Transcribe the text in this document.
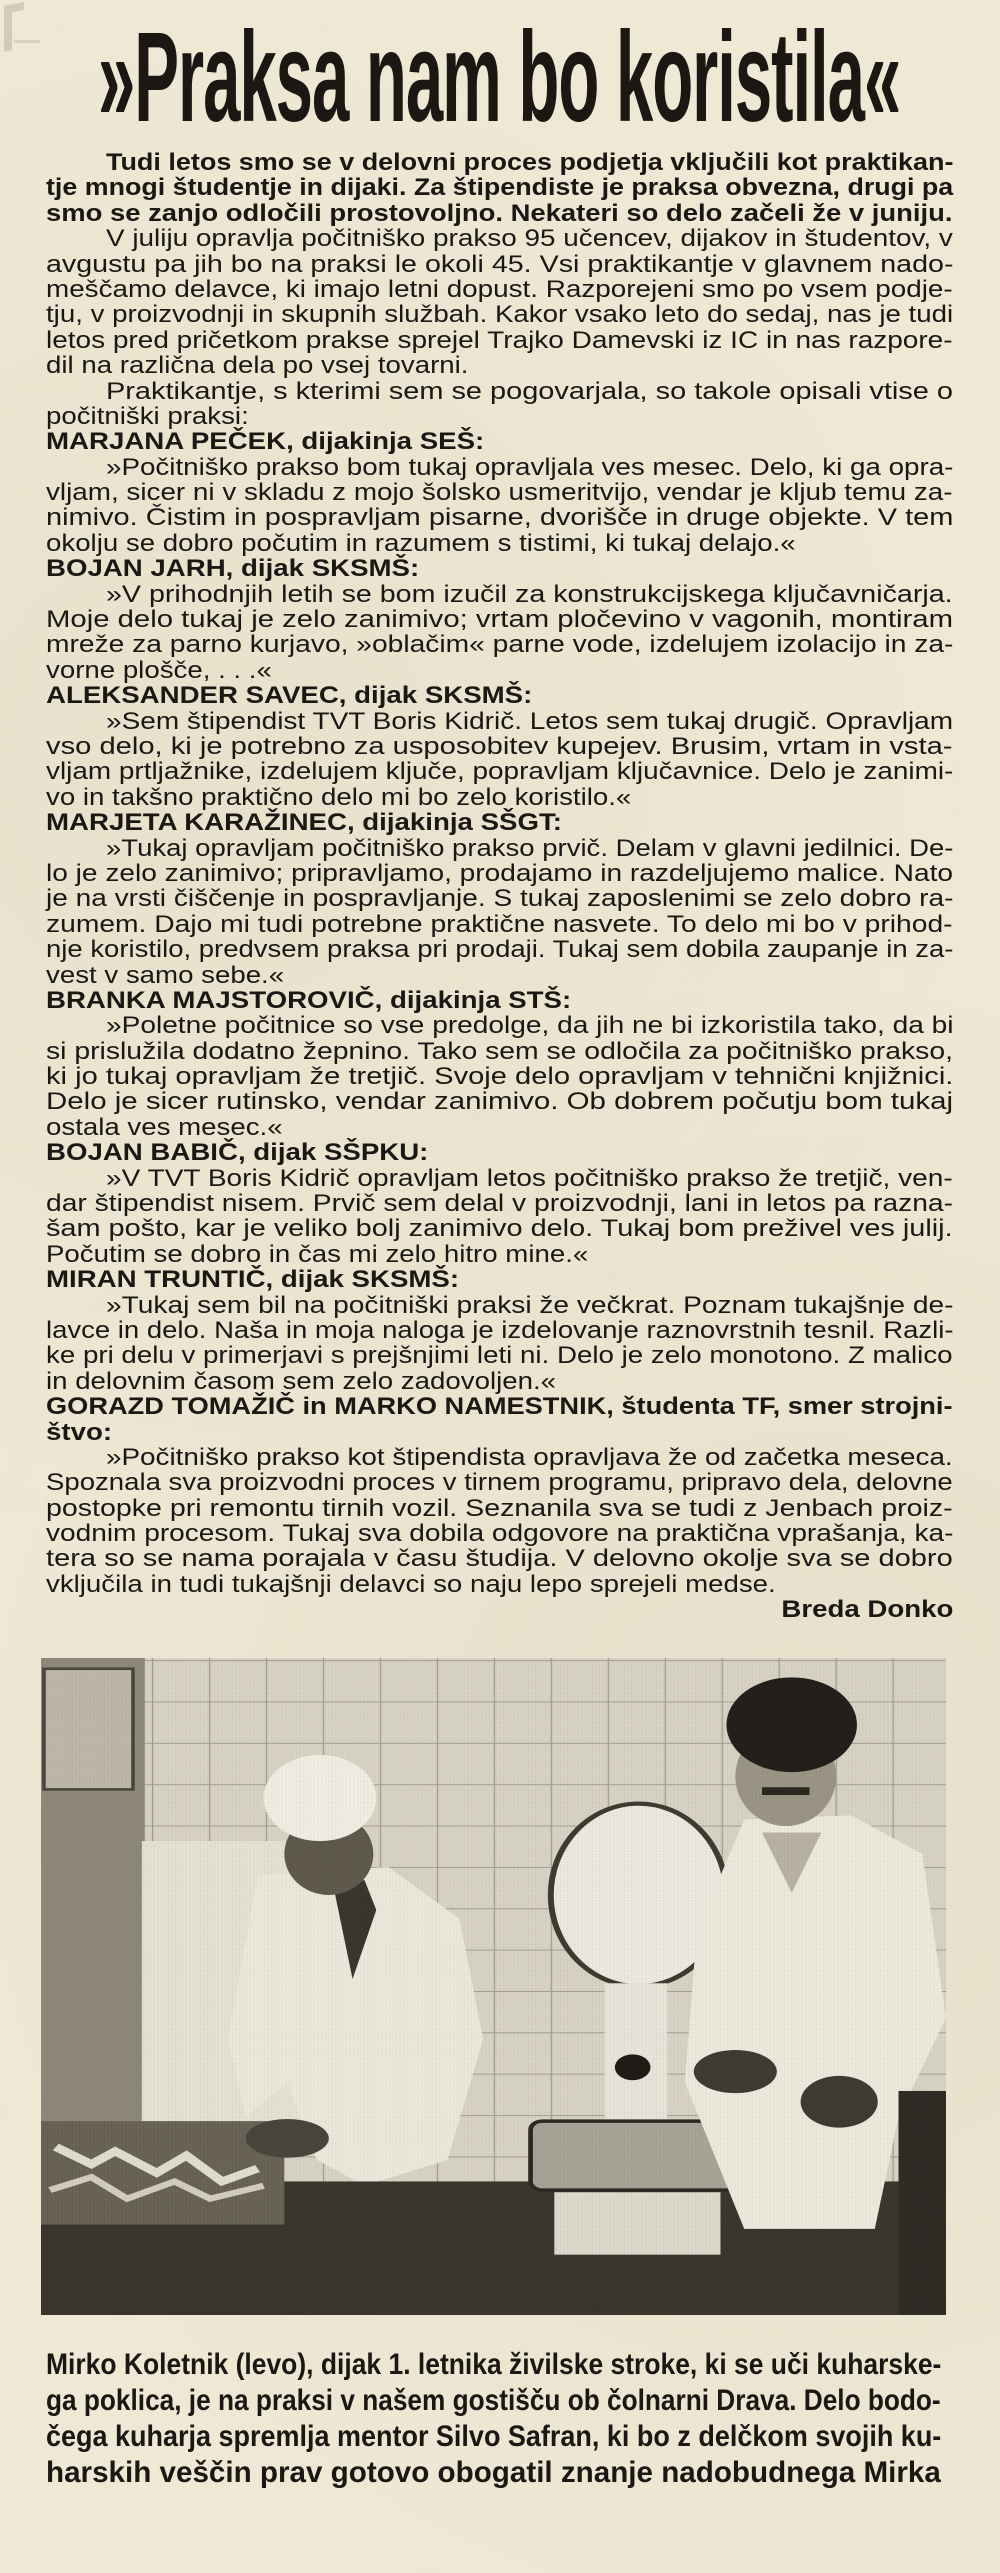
»Praksa nam bo koristila«
Tudi letos smo se v delovni proces podjetja vključili kot praktikan-
tje mnogi študentje in dijaki. Za štipendiste je praksa obvezna, drugi pa
smo se zanjo odločili prostovoljno. Nekateri so delo začeli že v juniju.
V juliju opravlja počitniško prakso 95 učencev, dijakov in študentov, v
avgustu pa jih bo na praksi le okoli 45. Vsi praktikantje v glavnem nado-
meščamo delavce, ki imajo letni dopust. Razporejeni smo po vsem podje-
tju, v proizvodnji in skupnih službah. Kakor vsako leto do sedaj, nas je tudi
letos pred pričetkom prakse sprejel Trajko Damevski iz IC in nas razpore-
dil na različna dela po vsej tovarni.
Praktikantje, s kterimi sem se pogovarjala, so takole opisali vtise o
počitniški praksi:
MARJANA PEČEK, dijakinja SEŠ:
»Počitniško prakso bom tukaj opravljala ves mesec. Delo, ki ga opra-
vljam, sicer ni v skladu z mojo šolsko usmeritvijo, vendar je kljub temu za-
nimivo. Čistim in pospravljam pisarne, dvorišče in druge objekte. V tem
okolju se dobro počutim in razumem s tistimi, ki tukaj delajo.«
BOJAN JARH, dijak SKSMŠ:
»V prihodnjih letih se bom izučil za konstrukcijskega ključavničarja.
Moje delo tukaj je zelo zanimivo; vrtam pločevino v vagonih, montiram
mreže za parno kurjavo, »oblačim« parne vode, izdelujem izolacijo in za-
vorne plošče, . . .«
ALEKSANDER SAVEC, dijak SKSMŠ:
»Sem štipendist TVT Boris Kidrič. Letos sem tukaj drugič. Opravljam
vso delo, ki je potrebno za usposobitev kupejev. Brusim, vrtam in vsta-
vljam prtljažnike, izdelujem ključe, popravljam ključavnice. Delo je zanimi-
vo in takšno praktično delo mi bo zelo koristilo.«
MARJETA KARAŽINEC, dijakinja SŠGT:
»Tukaj opravljam počitniško prakso prvič. Delam v glavni jedilnici. De-
lo je zelo zanimivo; pripravljamo, prodajamo in razdeljujemo malice. Nato
je na vrsti čiščenje in pospravljanje. S tukaj zaposlenimi se zelo dobro ra-
zumem. Dajo mi tudi potrebne praktične nasvete. To delo mi bo v prihod-
nje koristilo, predvsem praksa pri prodaji. Tukaj sem dobila zaupanje in za-
vest v samo sebe.«
BRANKA MAJSTOROVIČ, dijakinja STŠ:
»Poletne počitnice so vse predolge, da jih ne bi izkoristila tako, da bi
si prislužila dodatno žepnino. Tako sem se odločila za počitniško prakso,
ki jo tukaj opravljam že tretjič. Svoje delo opravljam v tehnični knjižnici.
Delo je sicer rutinsko, vendar zanimivo. Ob dobrem počutju bom tukaj
ostala ves mesec.«
BOJAN BABIČ, dijak SŠPKU:
»V TVT Boris Kidrič opravljam letos počitniško prakso že tretjič, ven-
dar štipendist nisem. Prvič sem delal v proizvodnji, lani in letos pa razna-
šam pošto, kar je veliko bolj zanimivo delo. Tukaj bom preživel ves julij.
Počutim se dobro in čas mi zelo hitro mine.«
MIRAN TRUNTIČ, dijak SKSMŠ:
»Tukaj sem bil na počitniški praksi že večkrat. Poznam tukajšnje de-
lavce in delo. Naša in moja naloga je izdelovanje raznovrstnih tesnil. Razli-
ke pri delu v primerjavi s prejšnjimi leti ni. Delo je zelo monotono. Z malico
in delovnim časom sem zelo zadovoljen.«
GORAZD TOMAŽIČ in MARKO NAMESTNIK, študenta TF, smer strojni-
štvo:
»Počitniško prakso kot štipendista opravljava že od začetka meseca.
Spoznala sva proizvodni proces v tirnem programu, pripravo dela, delovne
postopke pri remontu tirnih vozil. Seznanila sva se tudi z Jenbach proiz-
vodnim procesom. Tukaj sva dobila odgovore na praktična vprašanja, ka-
tera so se nama porajala v času študija. V delovno okolje sva se dobro
vključila in tudi tukajšnji delavci so naju lepo sprejeli medse.
Breda Donko
Mirko Koletnik (levo), dijak 1. letnika živilske stroke, ki se uči kuharske-
ga poklica, je na praksi v našem gostišču ob čolnarni Drava. Delo bodo-
čega kuharja spremlja mentor Silvo Safran, ki bo z delčkom svojih ku-
harskih veščin prav gotovo obogatil znanje nadobudnega Mirka
